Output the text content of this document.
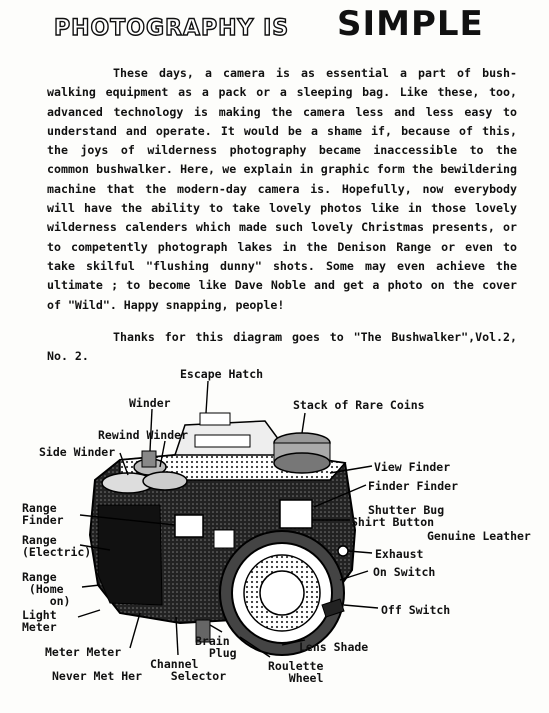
PHOTOGRAPHY IS SIMPLE

These days, a camera is as essential a part of bush-walking equipment as a pack or a sleeping bag. Like these, too, advanced technology is making the camera less and less easy to understand and operate. It would be a shame if, because of this, the joys of wilderness photography became inaccessible to the common bushwalker. Here, we explain in graphic form the bewildering machine that the modern-day camera is. Hopefully, now everybody will have the ability to take lovely photos like in those lovely wilderness calenders which made such lovely Christmas presents, or to competently photograph lakes in the Denison Range or even to take skilful "flushing dunny" shots. Some may even achieve the ultimate ; to become like Dave Noble and get a photo on the cover of "Wild". Happy snapping, people!

Thanks for this diagram goes to "The Bushwalker",Vol.2, No. 2.

Escape Hatch
Winder	Stack of Rare Coins
Rewind Winder
Side Winder
View Finder
Finder Finder
Range
Finder
Shutter Bug
Shirt Button
Genuine Leather
Range
(Electric)	Exhaust
On Switch
Range
(Home
on)
Light
Meter
Off Switch
Brain
Plug	Lens Shade
Meter Meter
Channel
Selector
Roulette
Wheel
Never Met Her
